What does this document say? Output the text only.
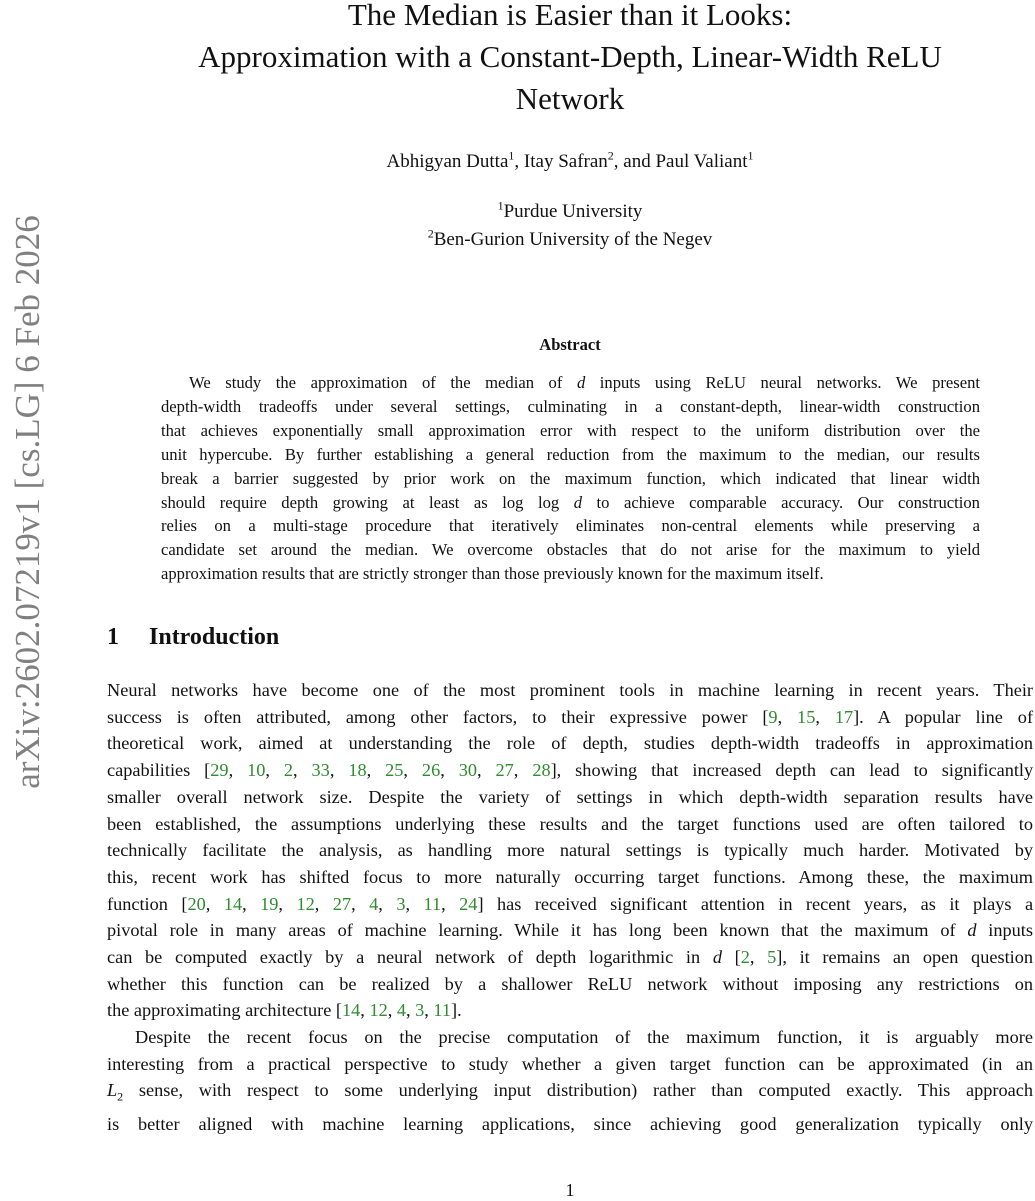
arXiv:2602.07219v1 [cs.LG] 6 Feb 2026
The Median is Easier than it Looks:
Approximation with a Constant-Depth, Linear-Width ReLU
Network
Abhigyan Dutta$^1$, Itay Safran$^2$, and Paul Valiant$^1$
$^1$Purdue University
$^2$Ben-Gurion University of the Negev
Abstract
We study the approximation of the median of d inputs using ReLU neural networks. We present
depth-width tradeoffs under several settings, culminating in a constant-depth, linear-width construction
that achieves exponentially small approximation error with respect to the uniform distribution over the
unit hypercube. By further establishing a general reduction from the maximum to the median, our results
break a barrier suggested by prior work on the maximum function, which indicated that linear width
should require depth growing at least as log log d to achieve comparable accuracy. Our construction
relies on a multi-stage procedure that iteratively eliminates non-central elements while preserving a
candidate set around the median. We overcome obstacles that do not arise for the maximum to yield
approximation results that are strictly stronger than those previously known for the maximum itself.
1 Introduction
Neural networks have become one of the most prominent tools in machine learning in recent years. Their
success is often attributed, among other factors, to their expressive power [9, 15, 17]. A popular line of
theoretical work, aimed at understanding the role of depth, studies depth-width tradeoffs in approximation
capabilities [29, 10, 2, 33, 18, 25, 26, 30, 27, 28], showing that increased depth can lead to significantly
smaller overall network size. Despite the variety of settings in which depth-width separation results have
been established, the assumptions underlying these results and the target functions used are often tailored to
technically facilitate the analysis, as handling more natural settings is typically much harder. Motivated by
this, recent work has shifted focus to more naturally occurring target functions. Among these, the maximum
function [20, 14, 19, 12, 27, 4, 3, 11, 24] has received significant attention in recent years, as it plays a
pivotal role in many areas of machine learning. While it has long been known that the maximum of d inputs
can be computed exactly by a neural network of depth logarithmic in d [2, 5], it remains an open question
whether this function can be realized by a shallower ReLU network without imposing any restrictions on
the approximating architecture [14, 12, 4, 3, 11].
Despite the recent focus on the precise computation of the maximum function, it is arguably more
interesting from a practical perspective to study whether a given target function can be approximated (in an
$L_2$ sense, with respect to some underlying input distribution) rather than computed exactly. This approach
is better aligned with machine learning applications, since achieving good generalization typically only
1
